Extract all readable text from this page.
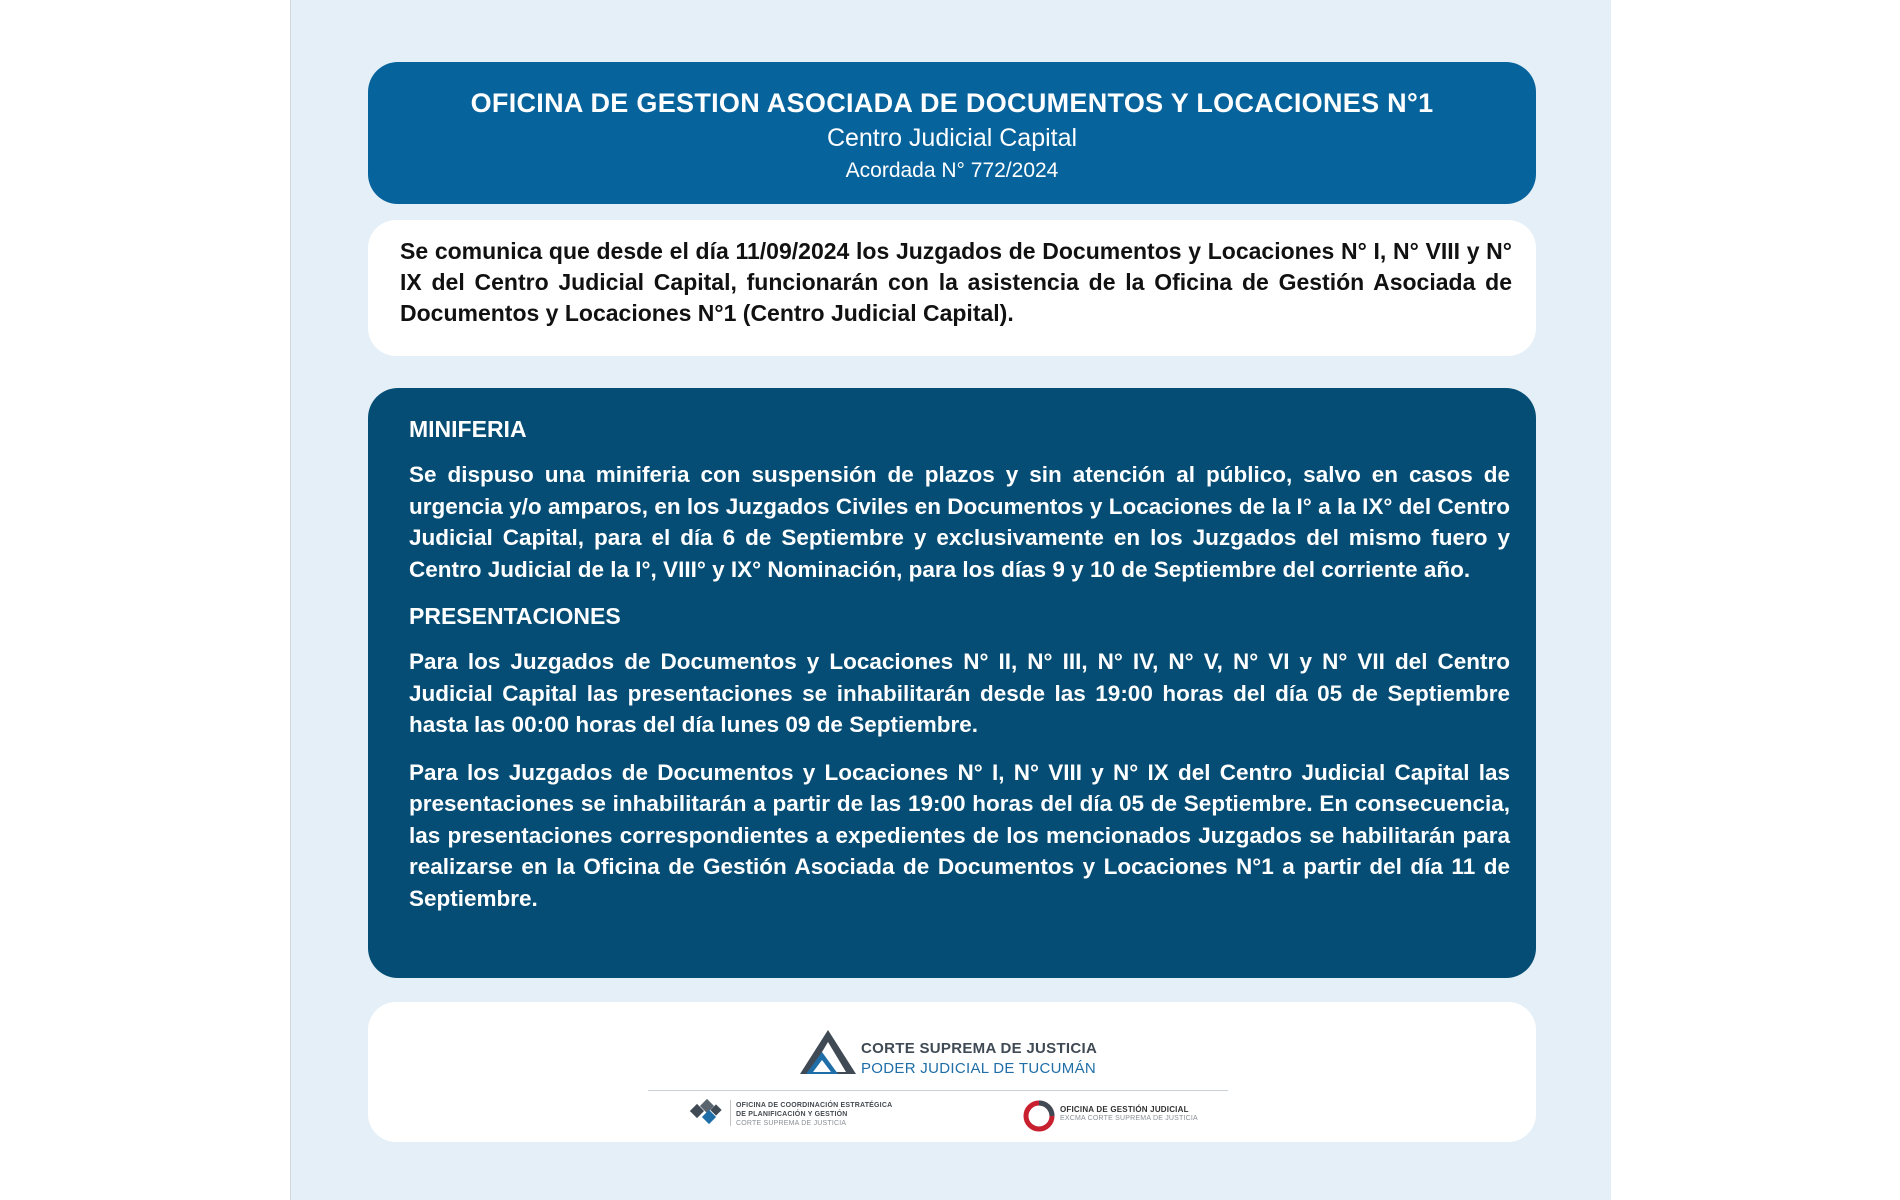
OFICINA DE GESTION ASOCIADA DE DOCUMENTOS Y LOCACIONES N°1
Centro Judicial Capital
Acordada N° 772/2024
Se comunica que desde el día 11/09/2024 los Juzgados de Documentos y Locaciones N° I, N° VIII y N° IX del Centro Judicial Capital, funcionarán con la asistencia de la Oficina de Gestión Asociada de Documentos y Locaciones N°1 (Centro Judicial Capital).
MINIFERIA
Se dispuso una miniferia con suspensión de plazos y sin atención al público, salvo en casos de urgencia y/o amparos, en los Juzgados Civiles en Documentos y Locaciones de la I° a la IX° del Centro Judicial Capital, para el día 6 de Septiembre y exclusivamente en los Juzgados del mismo fuero y Centro Judicial de la I°, VIII° y IX° Nominación, para los días 9 y 10 de Septiembre del corriente año.
PRESENTACIONES
Para los Juzgados de Documentos y Locaciones N° II, N° III, N° IV, N° V, N° VI y N° VII del Centro Judicial Capital las presentaciones se inhabilitarán desde las 19:00 horas del día 05 de Septiembre hasta las 00:00 horas del día lunes 09 de Septiembre.
Para los Juzgados de Documentos y Locaciones N° I, N° VIII y N° IX del Centro Judicial Capital las presentaciones se inhabilitarán a partir de las 19:00 horas del día 05 de Septiembre. En consecuencia, las presentaciones correspondientes a expedientes de los mencionados Juzgados se habilitarán para realizarse en la Oficina de Gestión Asociada de Documentos y Locaciones N°1 a partir del día 11 de Septiembre.
CORTE SUPREMA DE JUSTICIA
PODER JUDICIAL DE TUCUMÁN
OFICINA DE COORDINACIÓN ESTRATÉGICA
DE PLANIFICACIÓN Y GESTIÓN
CORTE SUPREMA DE JUSTICIA
OFICINA DE GESTIÓN JUDICIAL
EXCMA CORTE SUPREMA DE JUSTICIA
